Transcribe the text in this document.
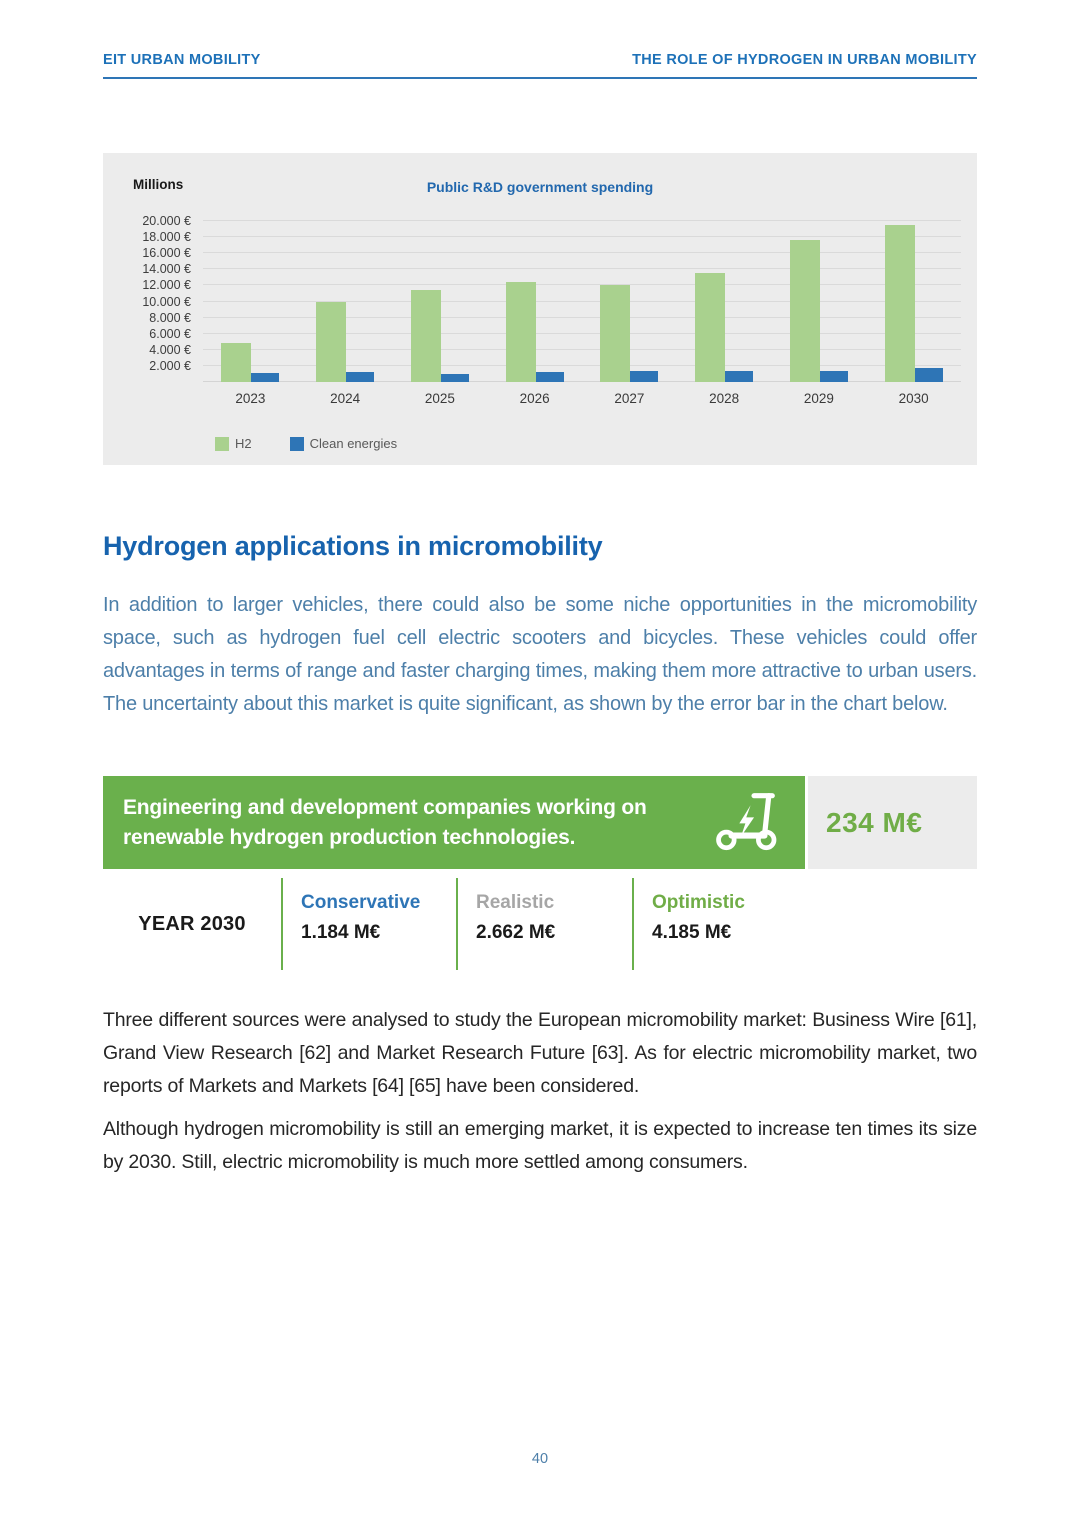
EIT URBAN MOBILITY	THE ROLE OF HYDROGEN IN URBAN MOBILITY
Millions	Public R&D government spending
20.000 €
18.000 €
16.000 €
14.000 €
12.000 €
10.000 €
8.000 €
6.000 €
4.000 €
2.000 €
2023	2024	2025	2026	2027	2028	2029	2030
H2	Clean energies
Hydrogen applications in micromobility

In addition to larger vehicles, there could also be some niche opportunities in the micromobility space, such as hydrogen fuel cell electric scooters and bicycles. These vehicles could offer advantages in terms of range and faster charging times, making them more attractive to urban users. The uncertainty about this market is quite significant, as shown by the error bar in the chart below.

Engineering and development companies working on renewable hydrogen production technologies.	234 M€
YEAR 2030
Conservative
1.184 M€
Realistic
2.662 M€
Optimistic
4.185 M€

Three different sources were analysed to study the European micromobility market: Business Wire [61], Grand View Research [62] and Market Research Future [63]. As for electric micromobility market, two reports of Markets and Markets [64] [65] have been considered.

Although hydrogen micromobility is still an emerging market, it is expected to increase ten times its size by 2030. Still, electric micromobility is much more settled among consumers.

40
